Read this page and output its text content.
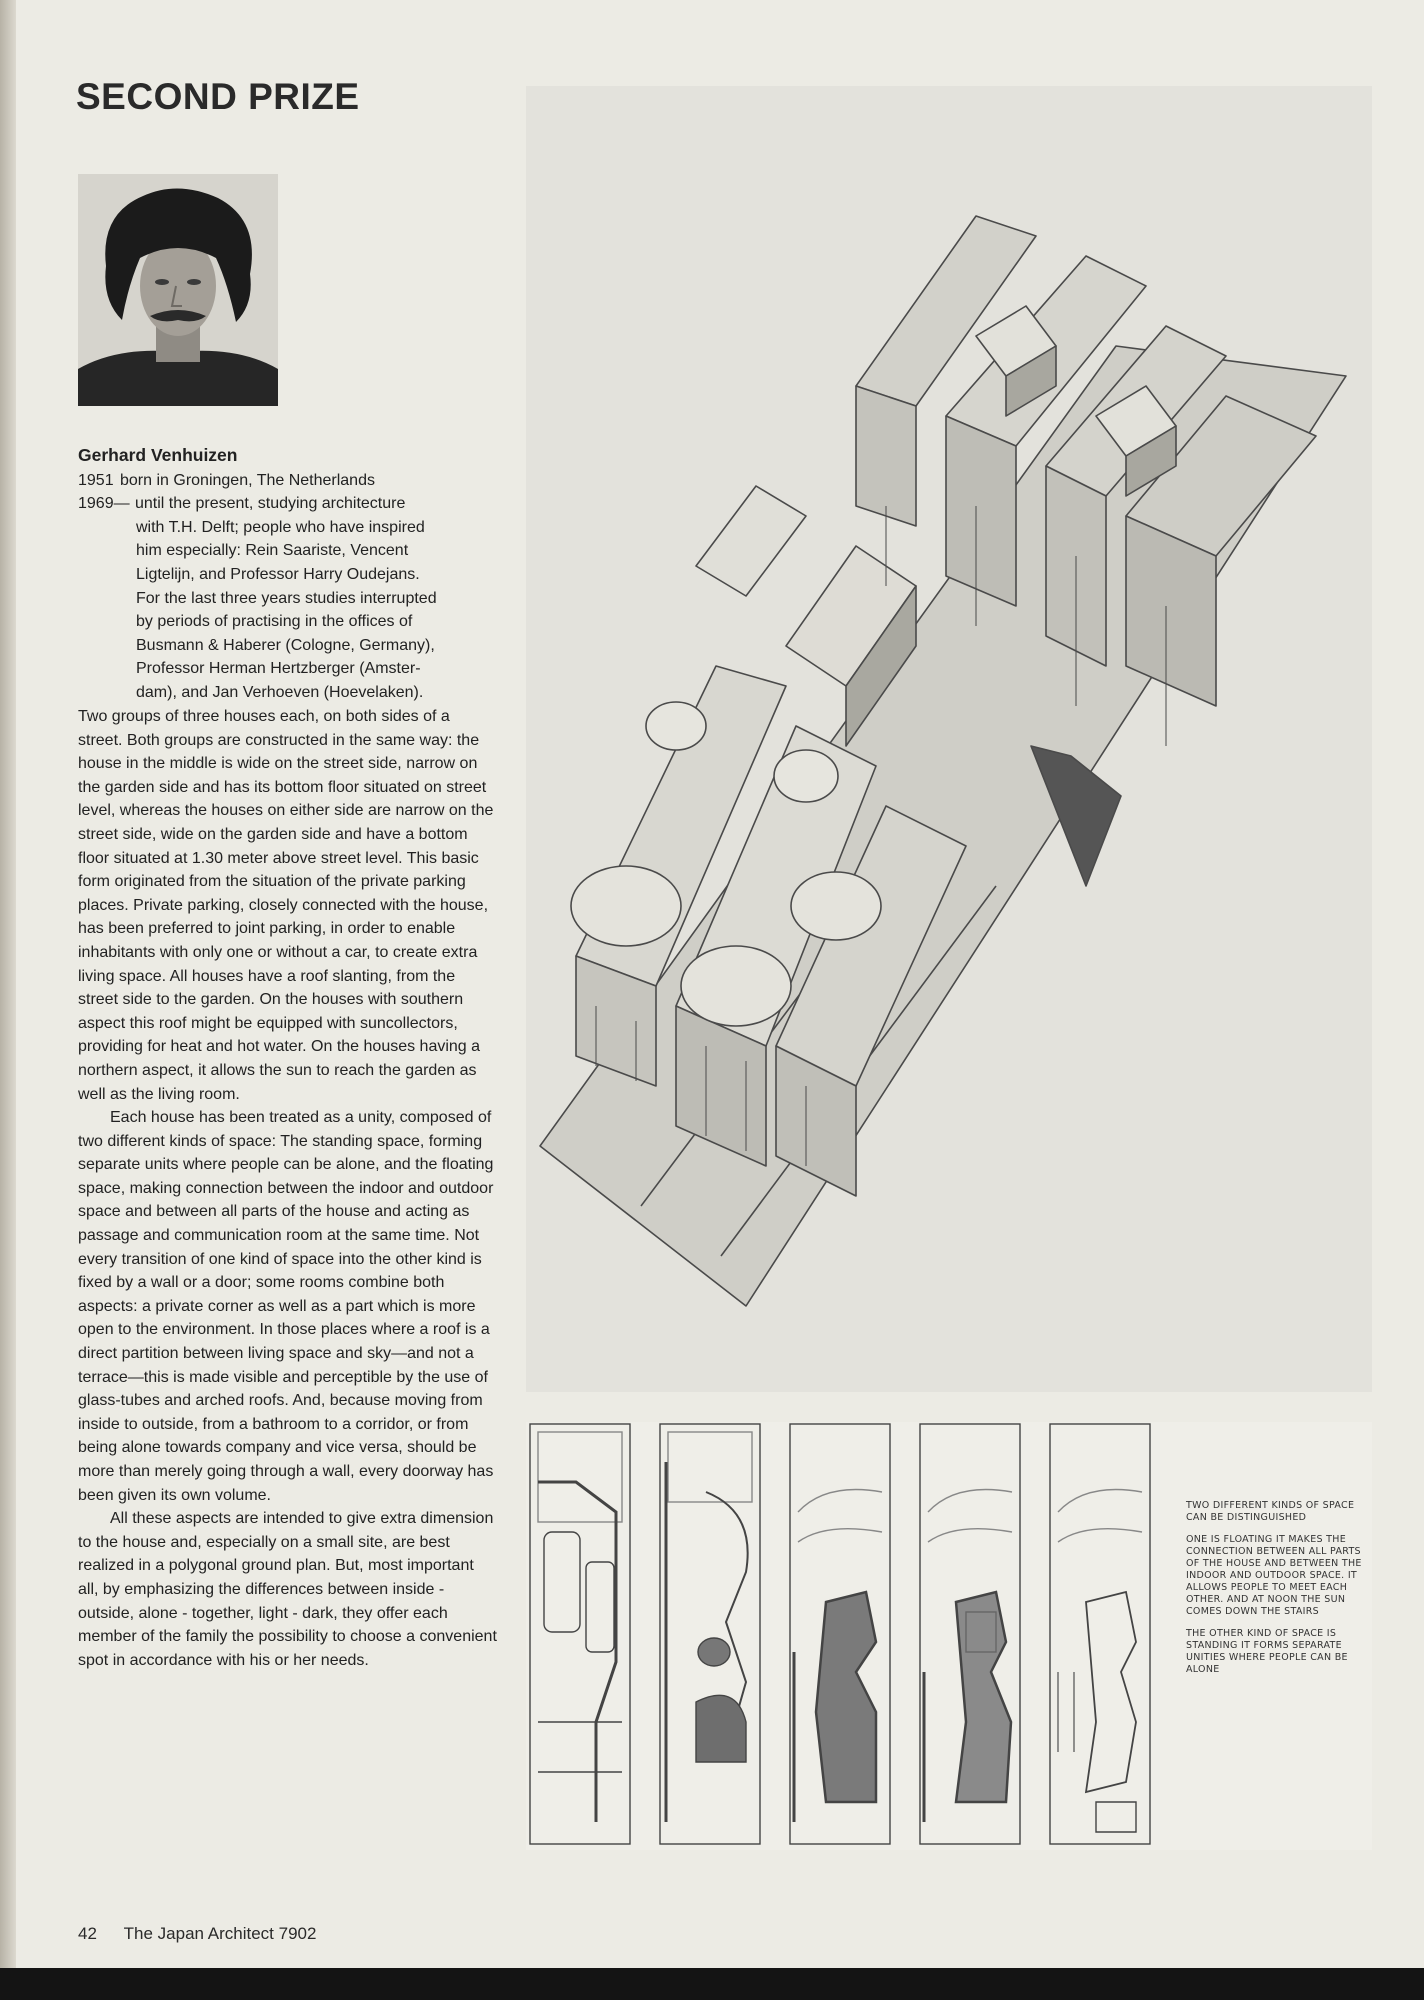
SECOND PRIZE
Gerhard Venhuizen
1951 born in Groningen, The Netherlands
1969— until the present, studying architecture
with T.H. Delft; people who have inspired
him especially: Rein Saariste, Vencent
Ligtelijn, and Professor Harry Oudejans.
For the last three years studies interrupted
by periods of practising in the offices of
Busmann & Haberer (Cologne, Germany),
Professor Herman Hertzberger (Amster-
dam), and Jan Verhoeven (Hoevelaken).

Two groups of three houses each, on both sides of a street. Both groups are constructed in the same way: the house in the middle is wide on the street side, narrow on the garden side and has its bottom floor situated on street level, whereas the houses on either side are narrow on the street side, wide on the garden side and have a bottom floor situated at 1.30 meter above street level. This basic form originated from the situation of the private parking places. Private parking, closely connected with the house, has been preferred to joint parking, in order to enable inhabitants with only one or without a car, to create extra living space. All houses have a roof slanting, from the street side to the garden. On the houses with southern aspect this roof might be equipped with suncollectors, providing for heat and hot water. On the houses having a northern aspect, it allows the sun to reach the garden as well as the living room.

Each house has been treated as a unity, composed of two different kinds of space: The standing space, forming separate units where people can be alone, and the floating space, making connection between the indoor and outdoor space and between all parts of the house and acting as passage and communication room at the same time. Not every transition of one kind of space into the other kind is fixed by a wall or a door; some rooms combine both aspects: a private corner as well as a part which is more open to the environment. In those places where a roof is a direct partition between living space and sky—and not a terrace—this is made visible and perceptible by the use of glass-tubes and arched roofs. And, because moving from inside to outside, from a bathroom to a corridor, or from being alone towards company and vice versa, should be more than merely going through a wall, every doorway has been given its own volume.

All these aspects are intended to give extra dimension to the house and, especially on a small site, are best realized in a polygonal ground plan. But, most important all, by emphasizing the differences between inside - outside, alone - together, light - dark, they offer each member of the family the possibility to choose a convenient spot in accordance with his or her needs.

TWO DIFFERENT KINDS OF SPACE CAN BE DISTINGUISHED

ONE IS FLOATING IT MAKES THE CONNECTION BETWEEN ALL PARTS OF THE HOUSE AND BETWEEN THE INDOOR AND OUTDOOR SPACE. IT ALLOWS PEOPLE TO MEET EACH OTHER. AND AT NOON THE SUN COMES DOWN THE STAIRS

THE OTHER KIND OF SPACE IS STANDING IT FORMS SEPARATE UNITIES WHERE PEOPLE CAN BE ALONE

42 The Japan Architect 7902
